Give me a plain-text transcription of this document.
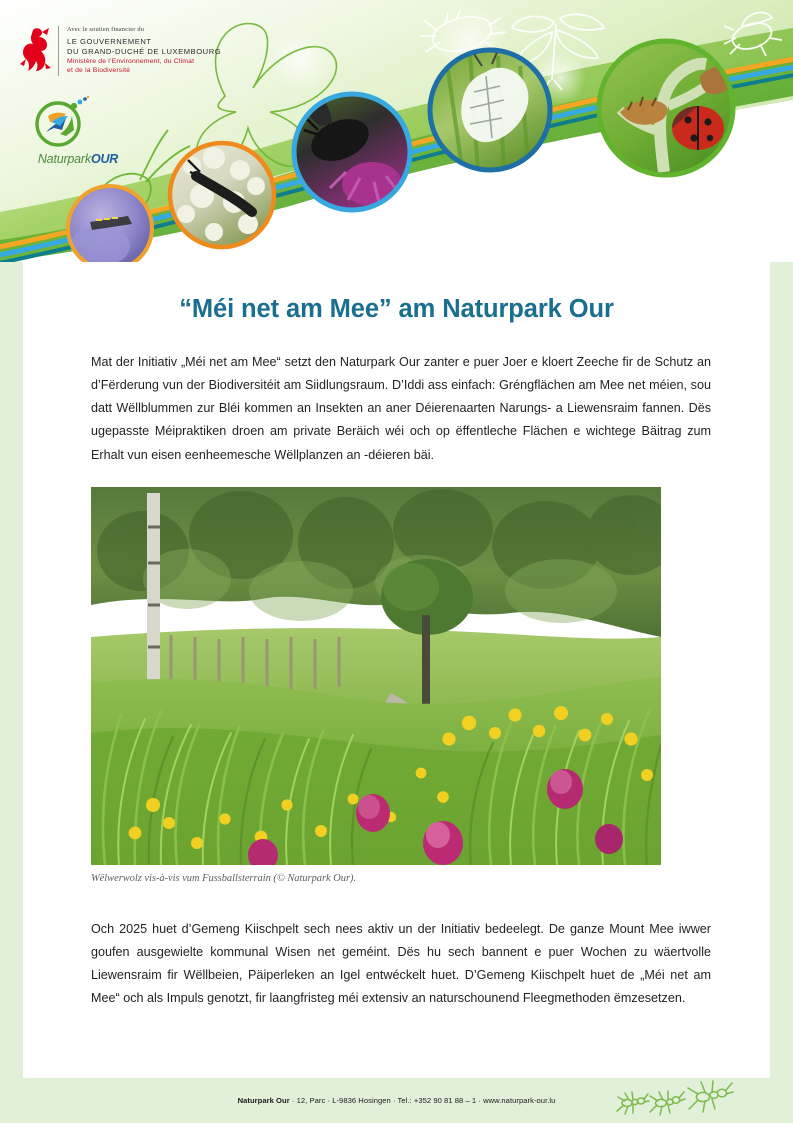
Avec le soutien financier du
LE GOUVERNEMENT
DU GRAND-DUCHÉ DE LUXEMBOURG
Ministère de l’Environnement, du Climat
et de la Biodiversité
NaturparkOUR
“Méi net am Mee” am Naturpark Our

Mat der Initiativ „Méi net am Mee“ setzt den Naturpark Our zanter e puer Joer e kloert Zeeche fir de Schutz an d’Fërderung vun der Biodiversitéit am Siidlungsraum. D’Iddi ass einfach: Gréngflächen am Mee net méien, sou datt Wëllblummen zur Bléi kommen an Insekten an aner Déierenaarten Narungs- a Liewensraim fannen. Dës ugepasste Méipraktiken droen am private Beräich wéi och op ëffentleche Flächen e wichtege Bäitrag zum Erhalt vun eisen eenheemesche Wëllplanzen an -déieren bäi.

Wëlwerwolz vis-à-vis vum Fussballsterrain (© Naturpark Our).

Och 2025 huet d’Gemeng Kiischpelt sech nees aktiv un der Initiativ bedeelegt. De ganze Mount Mee iwwer goufen ausgewielte kommunal Wisen net geméint. Dës hu sech bannent e puer Wochen zu wäertvolle Liewensraim fir Wëllbeien, Päiperleken an Igel entwéckelt huet. D’Gemeng Kiischpelt huet de „Méi net am Mee“ och als Impuls genotzt, fir laangfristeg méi extensiv an naturschounend Fleegmethoden ëmzesetzen.

Naturpark Our · 12, Parc · L-9836 Hosingen · Tel.: +352 90 81 88 – 1 · www.naturpark-our.lu
